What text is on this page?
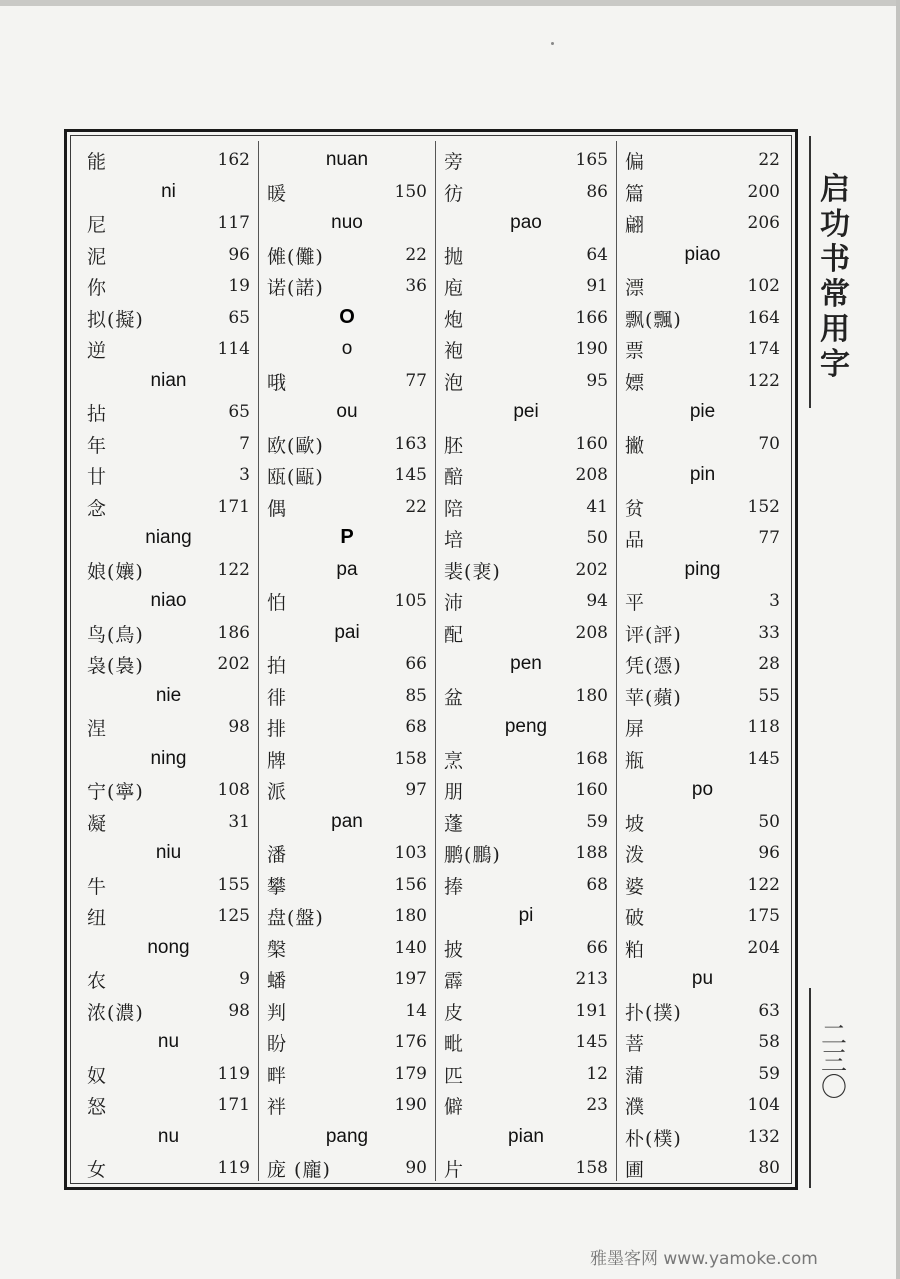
能	162
ni
尼	117
泥	96
你	19
拟(擬)	65
逆	114
nian
拈	65
年	7
廿	3
念	171
niang
娘(孃)	122
niao
鸟(鳥)	186
袅(裊)	202
nie
涅	98
ning
宁(寧)	108
凝	31
niu
牛	155
纽	125
nong
农	9
浓(濃)	98
nu
奴	119
怒	171
nu
女	119
nuan
暖	150
nuo
傩(儺)	22
诺(諾)	36
O
o
哦	77
ou
欧(歐)	163
瓯(甌)	145
偶	22
P
pa
怕	105
pai
拍	66
徘	85
排	68
牌	158
派	97
pan
潘	103
攀	156
盘(盤)	180
槃	140
蟠	197
判	14
盼	176
畔	179
袢	190
pang
庞 (龐)	90
旁	165
彷	86
pao
抛	64
庖	91
炮	166
袍	190
泡	95
pei
胚	160
醅	208
陪	41
培	50
裴(裵)	202
沛	94
配	208
pen
盆	180
peng
烹	168
朋	160
蓬	59
鹏(鵬)	188
捧	68
pi
披	66
霹	213
皮	191
毗	145
匹	12
僻	23
pian
片	158
偏	22
篇	200
翩	206
piao
漂	102
飘(飄)	164
票	174
嫖	122
pie
撇	70
pin
贫	152
品	77
ping
平	3
评(評)	33
凭(憑)	28
苹(蘋)	55
屏	118
瓶	145
po
坡	50
泼	96
婆	122
破	175
粕	204
pu
扑(撲)	63
菩	58
蒲	59
濮	104
朴(樸)	132
圃	80
启功书常用字
二三〇
雅墨客网 www.yamoke.com
